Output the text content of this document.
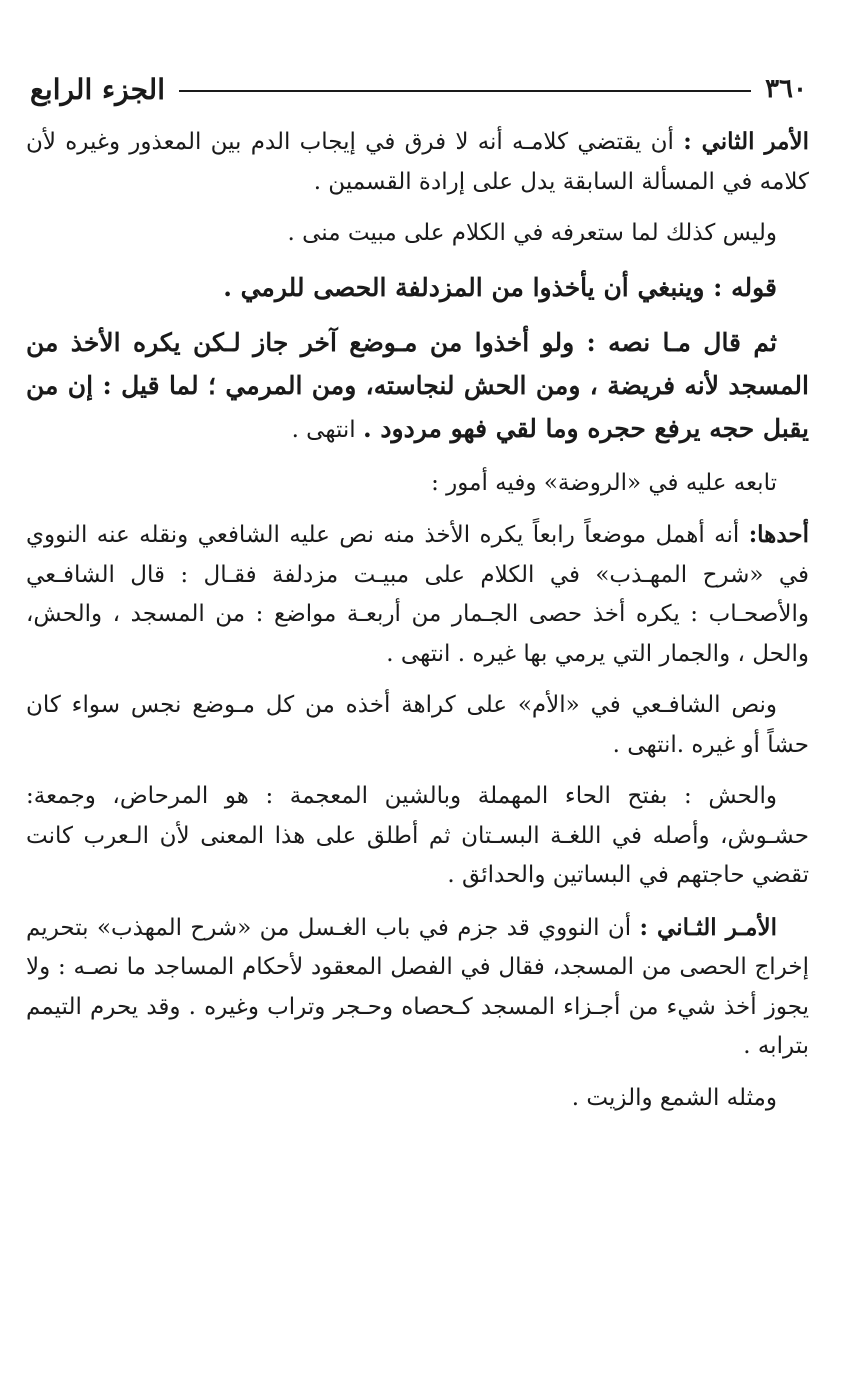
٣٦٠
الجزء الرابع

الأمر الثاني : أن يقتضي كلامـه أنه لا فرق في إيجاب الدم بين المعذور وغيره لأن كلامه في المسألة السابقة يدل على إرادة القسمين .

وليس كذلك لما ستعرفه في الكلام على مبيت منى .

قوله : وينبغي أن يأخذوا من المزدلفة الحصى للرمي .

ثم قال مـا نصه : ولو أخذوا من مـوضع آخر جاز لـكن يكره الأخذ من المسجد لأنه فريضة ، ومن الحش لنجاسته، ومن المرمي ؛ لما قيل : إن من يقبل حجه يرفع حجره وما لقي فهو مردود . انتهى .

تابعه عليه في «الروضة» وفيه أمور :

أحدها: أنه أهمل موضعاً رابعاً يكره الأخذ منه نص عليه الشافعي ونقله عنه النووي في «شرح المهـذب» في الكلام على مبيـت مزدلفة فقـال : قال الشافـعي والأصحـاب : يكره أخذ حصى الجـمار من أربعـة مواضع : من المسجد ، والحش، والحل ، والجمار التي يرمي بها غيره . انتهى .

ونص الشافـعي في «الأم» على كراهة أخذه من كل مـوضع نجس سواء كان حشاً أو غيره .انتهى .

والحش : بفتح الحاء المهملة وبالشين المعجمة : هو المرحاض، وجمعة: حشـوش، وأصله في اللغـة البسـتان ثم أطلق على هذا المعنى لأن الـعرب كانت تقضي حاجتهم في البساتين والحدائق .

الأمـر الثـاني : أن النووي قد جزم في باب الغـسل من «شرح المهذب» بتحريم إخراج الحصى من المسجد، فقال في الفصل المعقود لأحكام المساجد ما نصـه : ولا يجوز أخذ شيء من أجـزاء المسجد كـحصاه وحـجر وتراب وغيره . وقد يحرم التيمم بترابه .

ومثله الشمع والزيت .
